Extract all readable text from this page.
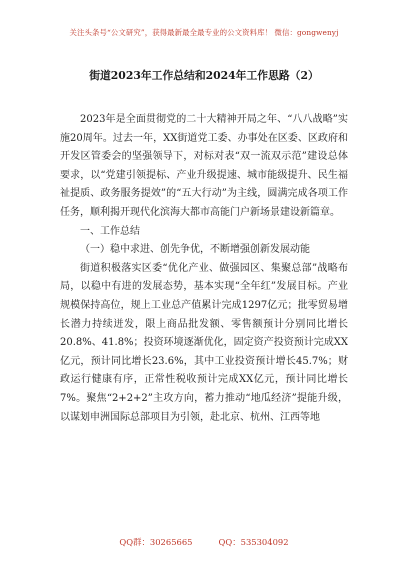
关注头条号“公文研究”，获得最新最全最专业的公文资料库！ 微信：gongwenyj
街道2023年工作总结和2024年工作思路（2）

2023年是全面贯彻党的二十大精神开局之年、“八八战略”实施20周年。过去一年，XX街道党工委、办事处在区委、区政府和开发区管委会的坚强领导下，对标对表“双一流双示范”建设总体要求，以“党建引领提标、产业升级提速、城市能级提升、民生福祉提质、政务服务提效”的“五大行动”为主线，圆满完成各项工作任务，顺利揭开现代化滨海大都市高能门户新场景建设新篇章。

一、工作总结

（一）稳中求进、创先争优，不断增强创新发展动能

街道积极落实区委“优化产业、做强园区、集聚总部”战略布局，以稳中有进的发展态势，基本实现“全年红”发展目标。产业规模保持高位，规上工业总产值累计完成1297亿元；批零贸易增长潜力持续迸发，限上商品批发额、零售额预计分别同比增长20.8%、41.8%；投资环境逐渐优化，固定资产投资预计完成XX亿元，预计同比增长23.6%，其中工业投资预计增长45.7%；财政运行健康有序，正常性税收预计完成XX亿元，预计同比增长7%。聚焦“2+2+2”主攻方向，蓄力推动“地瓜经济”提能升级，以谋划申洲国际总部项目为引领，赴北京、杭州、江西等地

QQ群：30265665	QQ：535304092
